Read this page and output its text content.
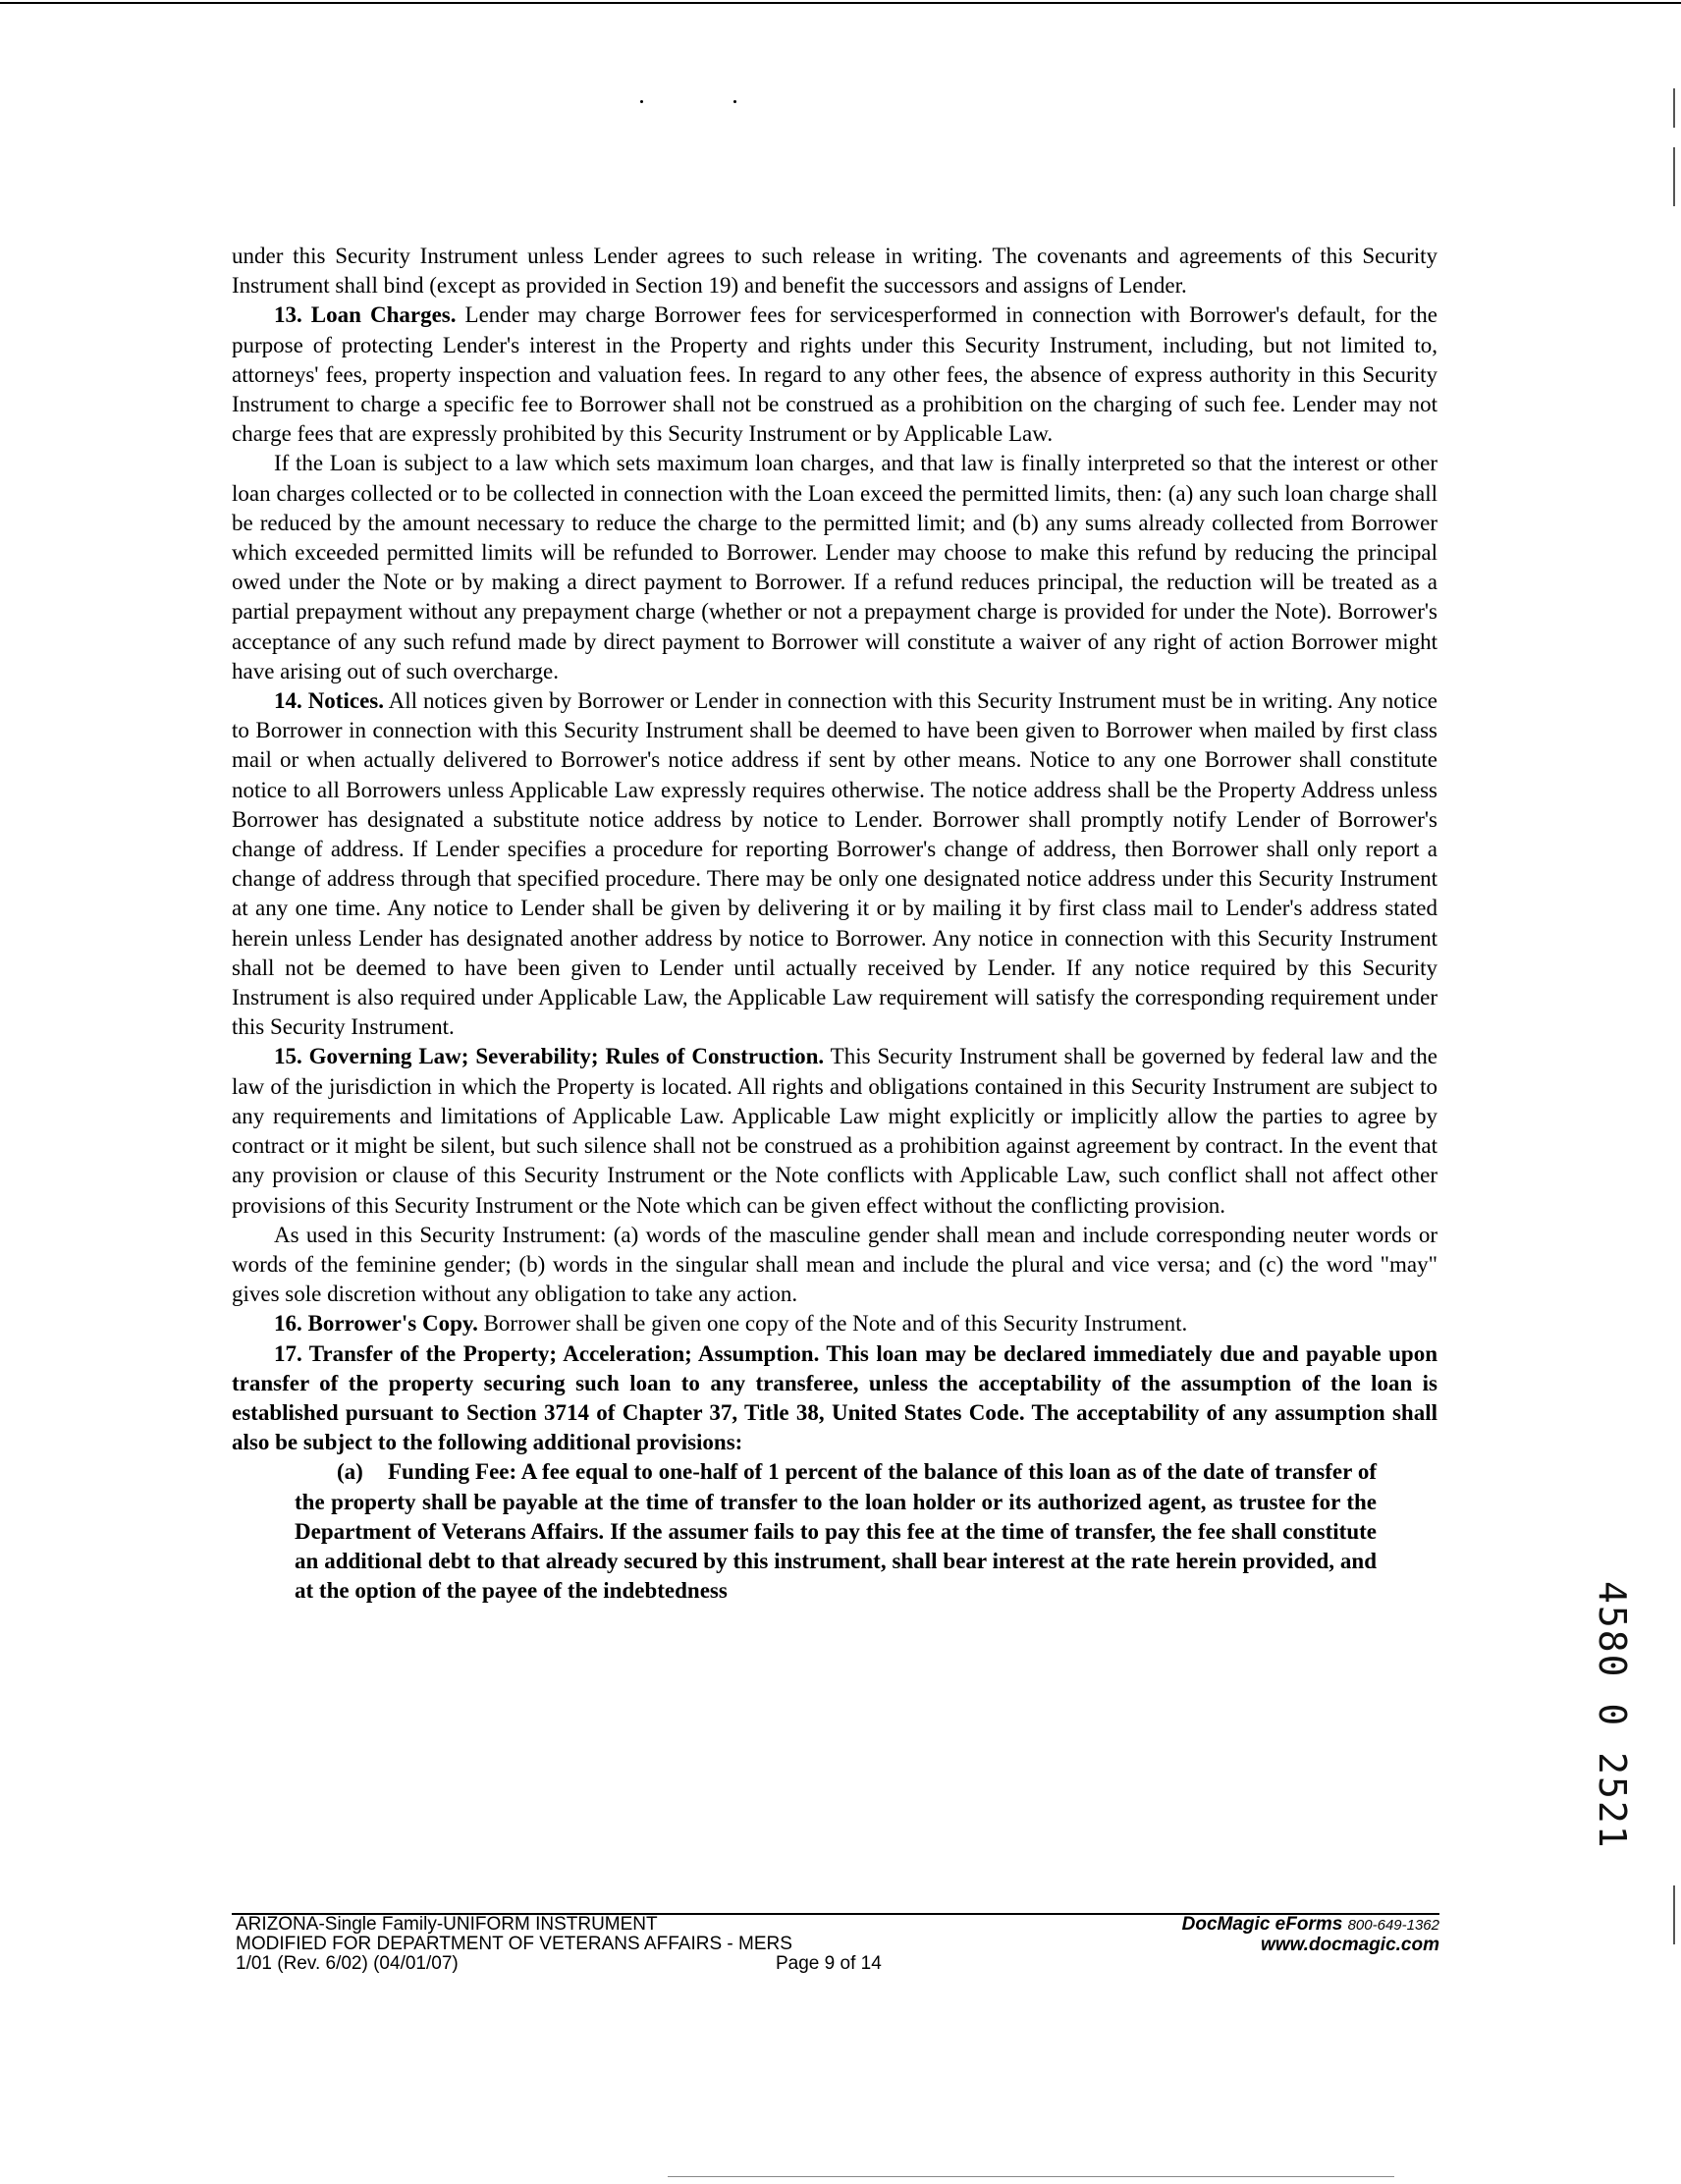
under this Security Instrument unless Lender agrees to such release in writing. The covenants and agreements of this Security Instrument shall bind (except as provided in Section 19) and benefit the successors and assigns of Lender.

13. Loan Charges. Lender may charge Borrower fees for servicesperformed in connection with Borrower's default, for the purpose of protecting Lender's interest in the Property and rights under this Security Instrument, including, but not limited to, attorneys' fees, property inspection and valuation fees. In regard to any other fees, the absence of express authority in this Security Instrument to charge a specific fee to Borrower shall not be construed as a prohibition on the charging of such fee. Lender may not charge fees that are expressly prohibited by this Security Instrument or by Applicable Law.

If the Loan is subject to a law which sets maximum loan charges, and that law is finally interpreted so that the interest or other loan charges collected or to be collected in connection with the Loan exceed the permitted limits, then: (a) any such loan charge shall be reduced by the amount necessary to reduce the charge to the permitted limit; and (b) any sums already collected from Borrower which exceeded permitted limits will be refunded to Borrower. Lender may choose to make this refund by reducing the principal owed under the Note or by making a direct payment to Borrower. If a refund reduces principal, the reduction will be treated as a partial prepayment without any prepayment charge (whether or not a prepayment charge is provided for under the Note). Borrower's acceptance of any such refund made by direct payment to Borrower will constitute a waiver of any right of action Borrower might have arising out of such overcharge.

14. Notices. All notices given by Borrower or Lender in connection with this Security Instrument must be in writing. Any notice to Borrower in connection with this Security Instrument shall be deemed to have been given to Borrower when mailed by first class mail or when actually delivered to Borrower's notice address if sent by other means. Notice to any one Borrower shall constitute notice to all Borrowers unless Applicable Law expressly requires otherwise. The notice address shall be the Property Address unless Borrower has designated a substitute notice address by notice to Lender. Borrower shall promptly notify Lender of Borrower's change of address. If Lender specifies a procedure for reporting Borrower's change of address, then Borrower shall only report a change of address through that specified procedure. There may be only one designated notice address under this Security Instrument at any one time. Any notice to Lender shall be given by delivering it or by mailing it by first class mail to Lender's address stated herein unless Lender has designated another address by notice to Borrower. Any notice in connection with this Security Instrument shall not be deemed to have been given to Lender until actually received by Lender. If any notice required by this Security Instrument is also required under Applicable Law, the Applicable Law requirement will satisfy the corresponding requirement under this Security Instrument.

15. Governing Law; Severability; Rules of Construction. This Security Instrument shall be governed by federal law and the law of the jurisdiction in which the Property is located. All rights and obligations contained in this Security Instrument are subject to any requirements and limitations of Applicable Law. Applicable Law might explicitly or implicitly allow the parties to agree by contract or it might be silent, but such silence shall not be construed as a prohibition against agreement by contract. In the event that any provision or clause of this Security Instrument or the Note conflicts with Applicable Law, such conflict shall not affect other provisions of this Security Instrument or the Note which can be given effect without the conflicting provision.

As used in this Security Instrument: (a) words of the masculine gender shall mean and include corresponding neuter words or words of the feminine gender; (b) words in the singular shall mean and include the plural and vice versa; and (c) the word "may" gives sole discretion without any obligation to take any action.

16. Borrower's Copy. Borrower shall be given one copy of the Note and of this Security Instrument.

17. Transfer of the Property; Acceleration; Assumption. This loan may be declared immediately due and payable upon transfer of the property securing such loan to any transferee, unless the acceptability of the assumption of the loan is established pursuant to Section 3714 of Chapter 37, Title 38, United States Code. The acceptability of any assumption shall also be subject to the following additional provisions:

(a) Funding Fee: A fee equal to one-half of 1 percent of the balance of this loan as of the date of transfer of the property shall be payable at the time of transfer to the loan holder or its authorized agent, as trustee for the Department of Veterans Affairs. If the assumer fails to pay this fee at the time of transfer, the fee shall constitute an additional debt to that already secured by this instrument, shall bear interest at the rate herein provided, and at the option of the payee of the indebtedness	4580 0 2521
ARIZONA-Single Family-UNIFORM INSTRUMENT
MODIFIED FOR DEPARTMENT OF VETERANS AFFAIRS - MERS
1/01 (Rev. 6/02) (04/01/07)	Page 9 of 14
DocMagic eForms 800-649-1362
www.docmagic.com
